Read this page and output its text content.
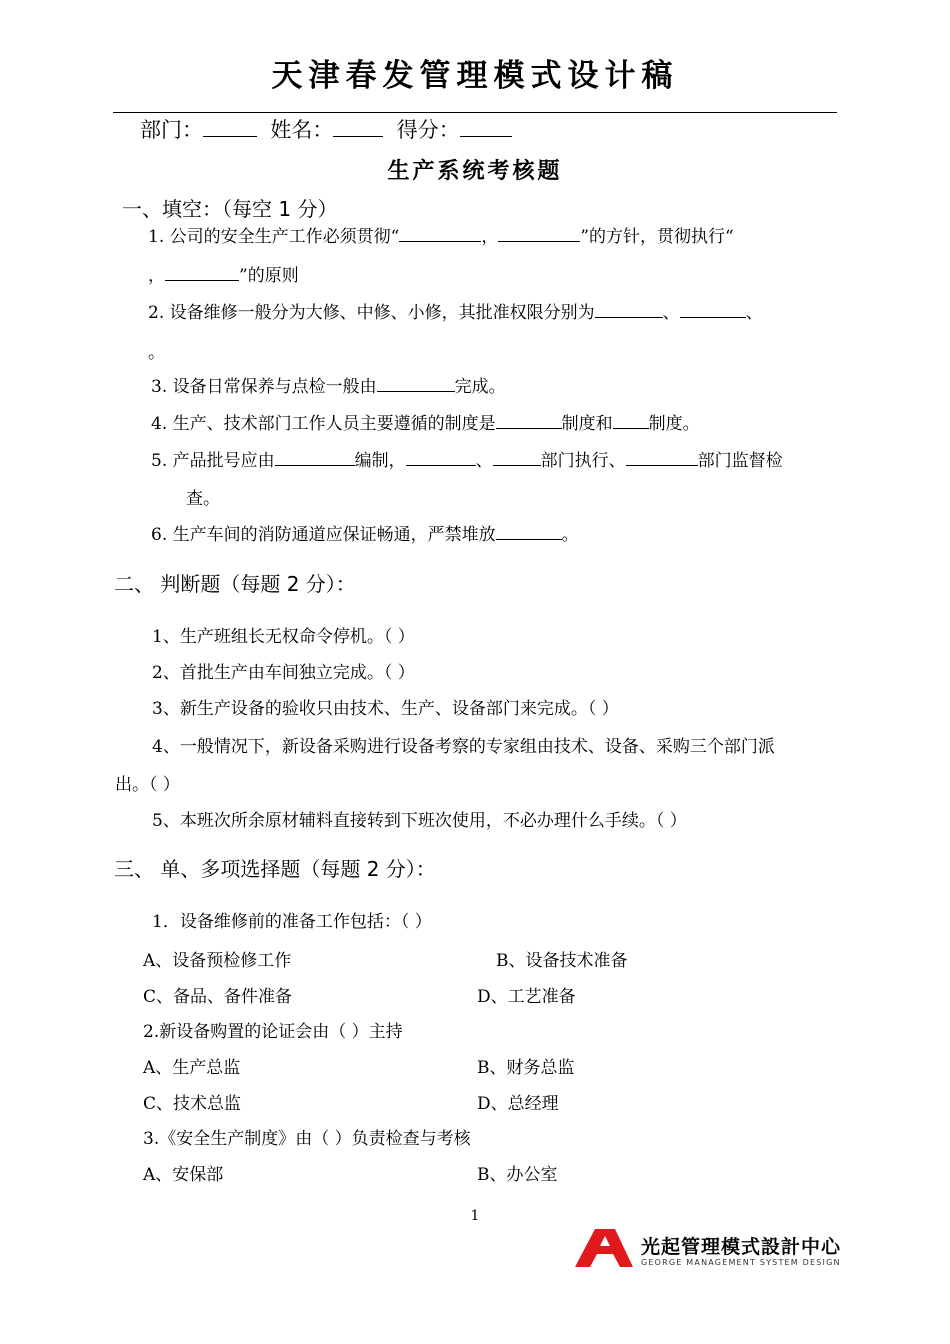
天津春发管理模式设计稿
部门：	姓名：	得分：
生产系统考核题
一、填空：（每空 1 分）
1. 公司的安全生产工作必须贯彻“	，	”的方针，贯彻执行“
，	”的原则
2. 设备维修一般分为大修、中修、小修，其批准权限分别为	、	、
。
3. 设备日常保养与点检一般由	完成。
4. 生产、技术部门工作人员主要遵循的制度是	制度和 制度。
5. 产品批号应由	编制，	、	部门执行、	部门监督检
查。
6. 生产车间的消防通道应保证畅通，严禁堆放	。
二、 判断题（每题 2 分）：
1、生产班组长无权命令停机。（ ）
2、首批生产由车间独立完成。（ ）
3、新生产设备的验收只由技术、生产、设备部门来完成。（ ）
4、一般情况下，新设备采购进行设备考察的专家组由技术、设备、采购三个部门派
出。（ ）
5、本班次所余原材辅料直接转到下班次使用，不必办理什么手续。（ ）
三、 单、多项选择题（每题 2 分）：
1．设备维修前的准备工作包括：（ ）
A、设备预检修工作	B、设备技术准备
C、备品、备件准备	D、工艺准备
2.新设备购置的论证会由（ ）主持
A、生产总监	B、财务总监
C、技术总监	D、总经理
3.《安全生产制度》由（ ）负责检查与考核
A、安保部	B、办公室
1
光起管理模式設計中心
GEORGE MANAGEMENT SYSTEM DESIGN
